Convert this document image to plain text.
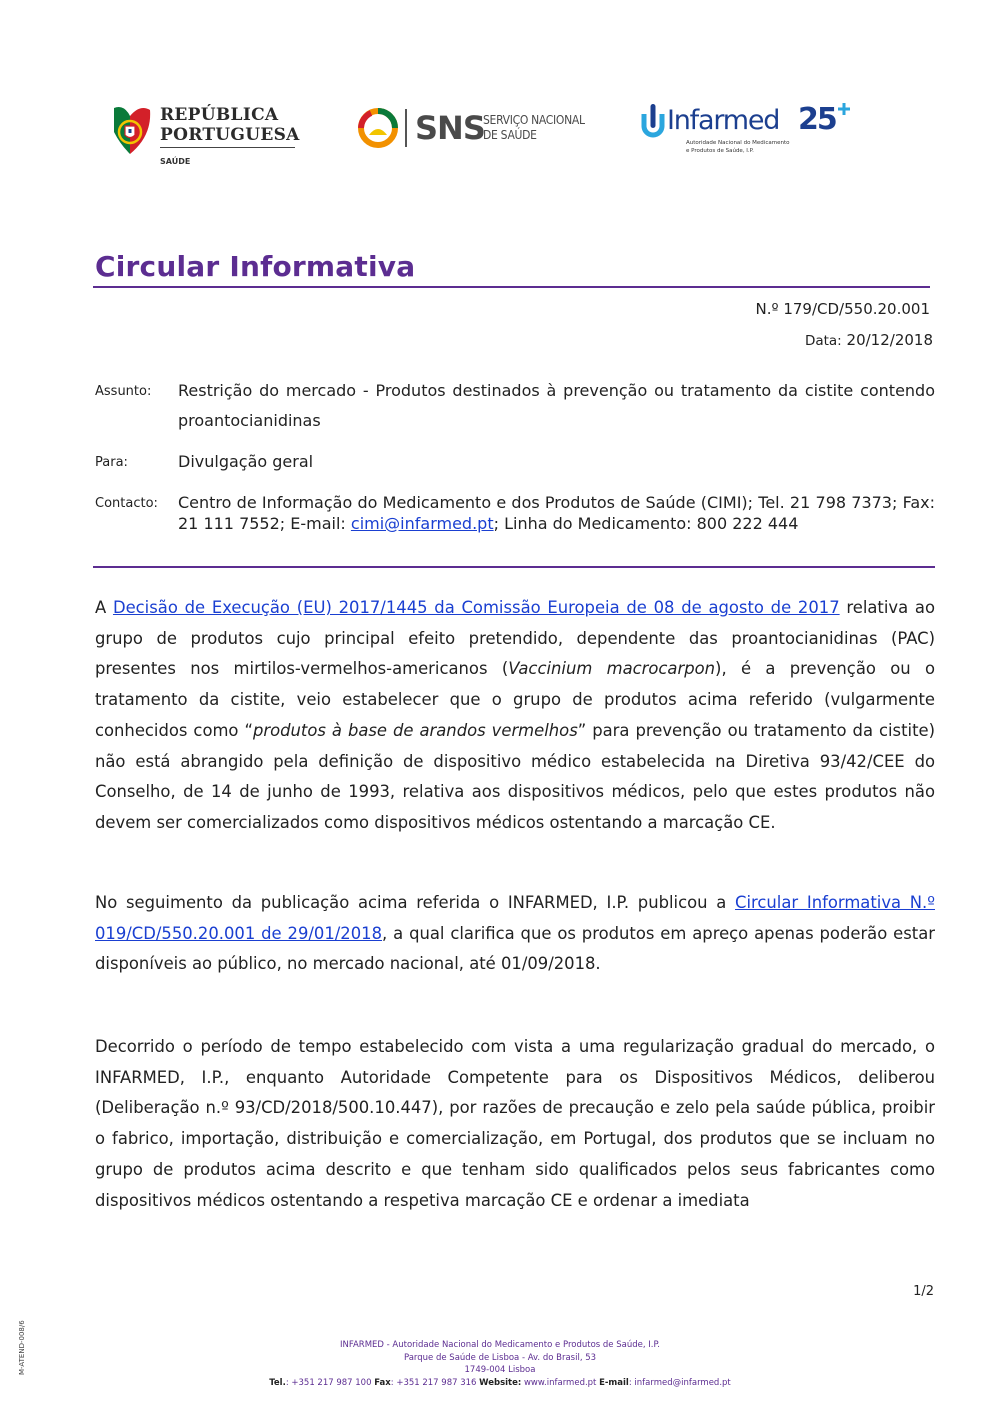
REPÚBLICA
PORTUGUESA
SAÚDE
SNS
SERVIÇO NACIONAL
DE SAÚDE	Infarmed 25
Autoridade Nacional do Medicamento
e Produtos de Saúde, I.P.
Circular Informativa
N.º 179/CD/550.20.001
Data: 20/12/2018
Assunto: Restrição do mercado - Produtos destinados à prevenção ou tratamento da cistite contendo proantocianidinas
Para:	Divulgação geral
Contacto: Centro de Informação do Medicamento e dos Produtos de Saúde (CIMI); Tel. 21 798 7373; Fax: 21 111 7552; E-mail: cimi@infarmed.pt; Linha do Medicamento: 800 222 444
A Decisão de Execução (EU) 2017/1445 da Comissão Europeia de 08 de agosto de 2017 relativa ao grupo de produtos cujo principal efeito pretendido, dependente das proantocianidinas (PAC) presentes nos mirtilos-vermelhos-americanos (Vaccinium macrocarpon), é a prevenção ou o tratamento da cistite, veio estabelecer que o grupo de produtos acima referido (vulgarmente conhecidos como “produtos à base de arandos vermelhos” para prevenção ou tratamento da cistite) não está abrangido pela definição de dispositivo médico estabelecida na Diretiva 93/42/CEE do Conselho, de 14 de junho de 1993, relativa aos dispositivos médicos, pelo que estes produtos não devem ser comercializados como dispositivos médicos ostentando a marcação CE.
No seguimento da publicação acima referida o INFARMED, I.P. publicou a Circular Informativa N.º 019/CD/550.20.001 de 29/01/2018, a qual clarifica que os produtos em apreço apenas poderão estar disponíveis ao público, no mercado nacional, até 01/09/2018.
Decorrido o período de tempo estabelecido com vista a uma regularização gradual do mercado, o INFARMED, I.P., enquanto Autoridade Competente para os Dispositivos Médicos, deliberou (Deliberação n.º 93/CD/2018/500.10.447), por razões de precaução e zelo pela saúde pública, proibir o fabrico, importação, distribuição e comercialização, em Portugal, dos produtos que se incluam no grupo de produtos acima descrito e que tenham sido qualificados pelos seus fabricantes como dispositivos médicos ostentando a respetiva marcação CE e ordenar a imediata
1/2
M-ATEND-008/6	INFARMED - Autoridade Nacional do Medicamento e Produtos de Saúde, I.P.
Parque de Saúde de Lisboa - Av. do Brasil, 53
1749-004 Lisboa
Tel.: +351 217 987 100 Fax: +351 217 987 316 Website: www.infarmed.pt E-mail: infarmed@infarmed.pt
